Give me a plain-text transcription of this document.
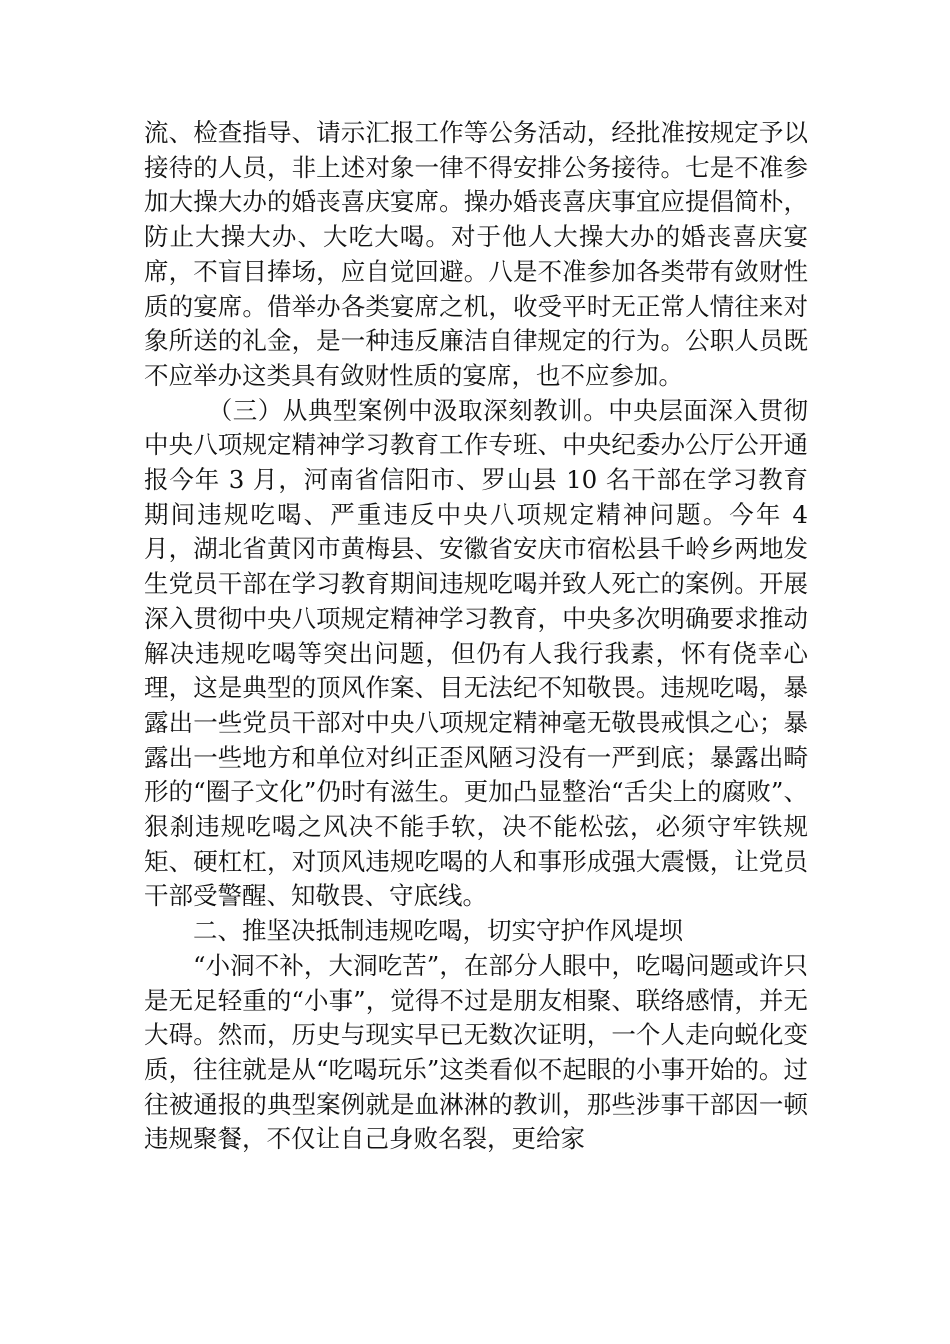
流、检查指导、请示汇报工作等公务活动，经批准按规定予以接待的人员，非上述对象一律不得安排公务接待。七是不准参加大操大办的婚丧喜庆宴席。操办婚丧喜庆事宜应提倡简朴，防止大操大办、大吃大喝。对于他人大操大办的婚丧喜庆宴席，不盲目捧场，应自觉回避。八是不准参加各类带有敛财性质的宴席。借举办各类宴席之机，收受平时无正常人情往来对象所送的礼金，是一种违反廉洁自律规定的行为。公职人员既不应举办这类具有敛财性质的宴席，也不应参加。

（三）从典型案例中汲取深刻教训。中央层面深入贯彻中央八项规定精神学习教育工作专班、中央纪委办公厅公开通报今年 3 月，河南省信阳市、罗山县 10 名干部在学习教育期间违规吃喝、严重违反中央八项规定精神问题。今年 4 月，湖北省黄冈市黄梅县、安徽省安庆市宿松县千岭乡两地发生党员干部在学习教育期间违规吃喝并致人死亡的案例。开展深入贯彻中央八项规定精神学习教育，中央多次明确要求推动解决违规吃喝等突出问题，但仍有人我行我素，怀有侥幸心理，这是典型的顶风作案、目无法纪不知敬畏。违规吃喝，暴露出一些党员干部对中央八项规定精神毫无敬畏戒惧之心；暴露出一些地方和单位对纠正歪风陋习没有一严到底；暴露出畸形的“圈子文化”仍时有滋生。更加凸显整治“舌尖上的腐败”、狠刹违规吃喝之风决不能手软，决不能松弦，必须守牢铁规矩、硬杠杠，对顶风违规吃喝的人和事形成强大震慑，让党员干部受警醒、知敬畏、守底线。

二、推坚决抵制违规吃喝，切实守护作风堤坝

“小洞不补，大洞吃苦”，在部分人眼中，吃喝问题或许只是无足轻重的“小事”，觉得不过是朋友相聚、联络感情，并无大碍。然而，历史与现实早已无数次证明，一个人走向蜕化变质，往往就是从“吃喝玩乐”这类看似不起眼的小事开始的。过往被通报的典型案例就是血淋淋的教训，那些涉事干部因一顿违规聚餐，不仅让自己身败名裂，更给家
